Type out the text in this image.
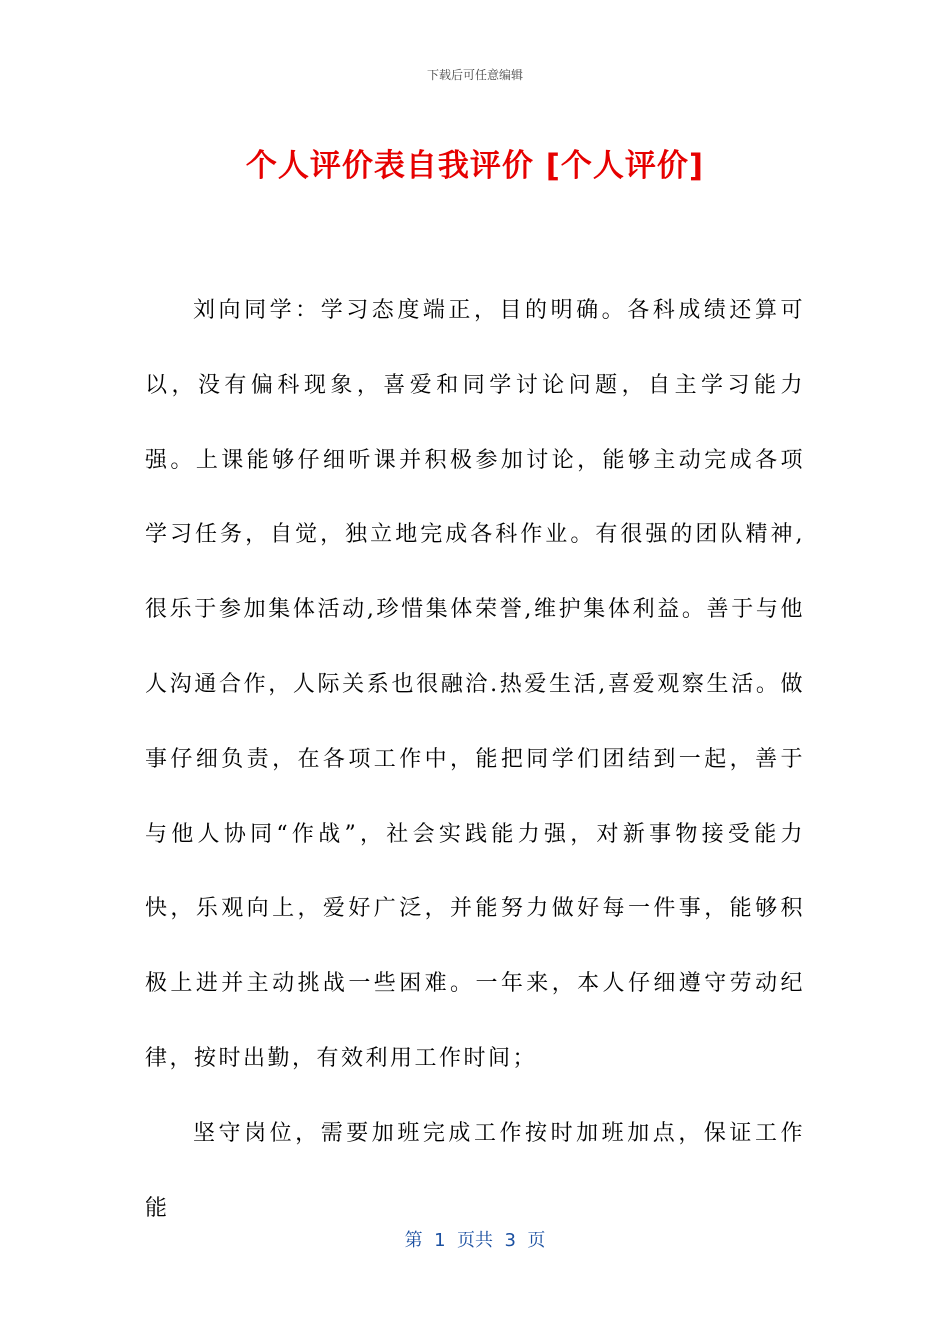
下载后可任意编辑
个人评价表自我评价 [个人评价]

刘向同学：学习态度端正，目的明确。各科成绩还算可以，没有偏科现象，喜爱和同学讨论问题，自主学习能力强。上课能够仔细听课并积极参加讨论，能够主动完成各项学习任务，自觉，独立地完成各科作业。有很强的团队精神,很乐于参加集体活动,珍惜集体荣誉,维护集体利益。善于与他人沟通合作，人际关系也很融洽.热爱生活,喜爱观察生活。做事仔细负责，在各项工作中，能把同学们团结到一起，善于与他人协同“作战”，社会实践能力强，对新事物接受能力快，乐观向上，爱好广泛，并能努力做好每一件事，能够积极上进并主动挑战一些困难。一年来，本人仔细遵守劳动纪律，按时出勤，有效利用工作时间；

坚守岗位，需要加班完成工作按时加班加点，保证工作能

第  1  页共  3  页
